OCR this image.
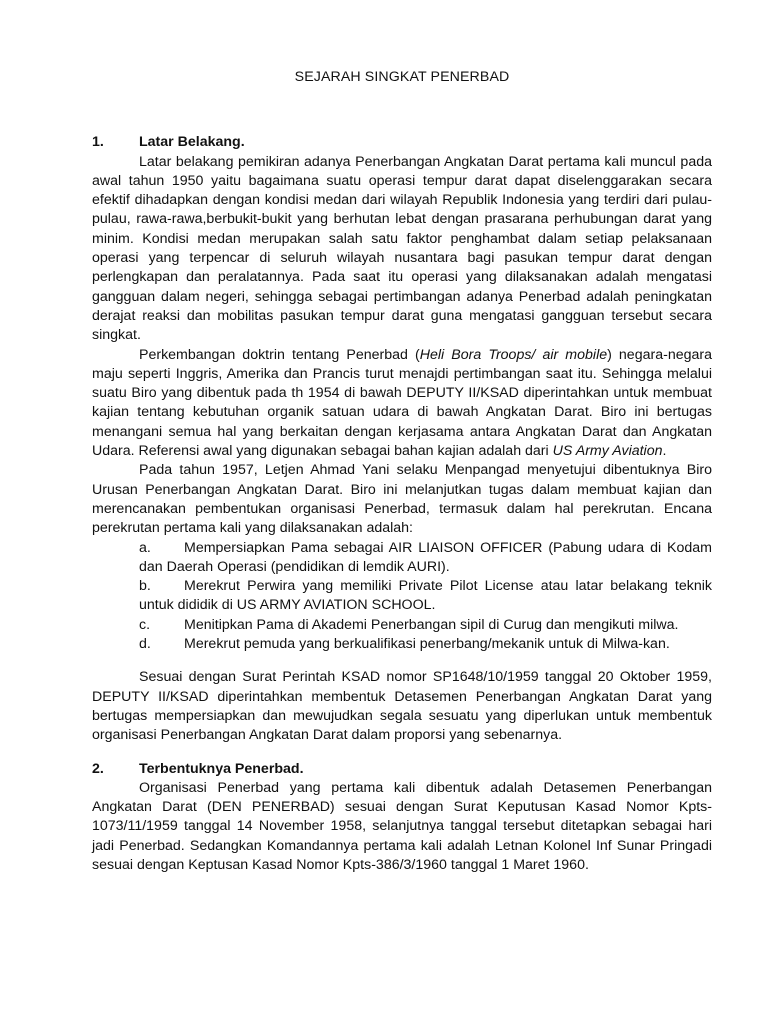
SEJARAH SINGKAT PENERBAD
1.	Latar Belakang.

Latar belakang pemikiran adanya Penerbangan Angkatan Darat pertama kali muncul pada awal tahun 1950 yaitu bagaimana suatu operasi tempur darat dapat diselenggarakan secara efektif dihadapkan dengan kondisi medan dari wilayah Republik Indonesia yang terdiri dari pulau-pulau, rawa-rawa,berbukit-bukit yang berhutan lebat dengan prasarana perhubungan darat yang minim. Kondisi medan merupakan salah satu faktor penghambat dalam setiap pelaksanaan operasi yang terpencar di seluruh wilayah nusantara bagi pasukan tempur darat dengan perlengkapan dan peralatannya. Pada saat itu operasi yang dilaksanakan adalah mengatasi gangguan dalam negeri, sehingga sebagai pertimbangan adanya Penerbad adalah peningkatan derajat reaksi dan mobilitas pasukan tempur darat guna mengatasi gangguan tersebut secara singkat.

Perkembangan doktrin tentang Penerbad (Heli Bora Troops/ air mobile) negara-negara maju seperti Inggris, Amerika dan Prancis turut menajdi pertimbangan saat itu. Sehingga melalui suatu Biro yang dibentuk pada th 1954 di bawah DEPUTY II/KSAD diperintahkan untuk membuat kajian tentang kebutuhan organik satuan udara di bawah Angkatan Darat. Biro ini bertugas menangani semua hal yang berkaitan dengan kerjasama antara Angkatan Darat dan Angkatan Udara. Referensi awal yang digunakan sebagai bahan kajian adalah dari US Army Aviation.

Pada tahun 1957, Letjen Ahmad Yani selaku Menpangad menyetujui dibentuknya Biro Urusan Penerbangan Angkatan Darat. Biro ini melanjutkan tugas dalam membuat kajian dan merencanakan pembentukan organisasi Penerbad, termasuk dalam hal perekrutan. Encana perekrutan pertama kali yang dilaksanakan adalah:

a. Mempersiapkan Pama sebagai AIR LIAISON OFFICER (Pabung udara di Kodam dan Daerah Operasi (pendidikan di lemdik AURI).

b. Merekrut Perwira yang memiliki Private Pilot License atau latar belakang teknik untuk dididik di US ARMY AVIATION SCHOOL.

c. Menitipkan Pama di Akademi Penerbangan sipil di Curug dan mengikuti milwa.

d. Merekrut pemuda yang berkualifikasi penerbang/mekanik untuk di Milwa-kan.

Sesuai dengan Surat Perintah KSAD nomor SP1648/10/1959 tanggal 20 Oktober 1959, DEPUTY II/KSAD diperintahkan membentuk Detasemen Penerbangan Angkatan Darat yang bertugas mempersiapkan dan mewujudkan segala sesuatu yang diperlukan untuk membentuk organisasi Penerbangan Angkatan Darat dalam proporsi yang sebenarnya.

2.	Terbentuknya Penerbad.

Organisasi Penerbad yang pertama kali dibentuk adalah Detasemen Penerbangan Angkatan Darat (DEN PENERBAD) sesuai dengan Surat Keputusan Kasad Nomor Kpts-1073/11/1959 tanggal 14 November 1958, selanjutnya tanggal tersebut ditetapkan sebagai hari jadi Penerbad. Sedangkan Komandannya pertama kali adalah Letnan Kolonel Inf Sunar Pringadi sesuai dengan Keptusan Kasad Nomor Kpts-386/3/1960 tanggal 1 Maret 1960.
